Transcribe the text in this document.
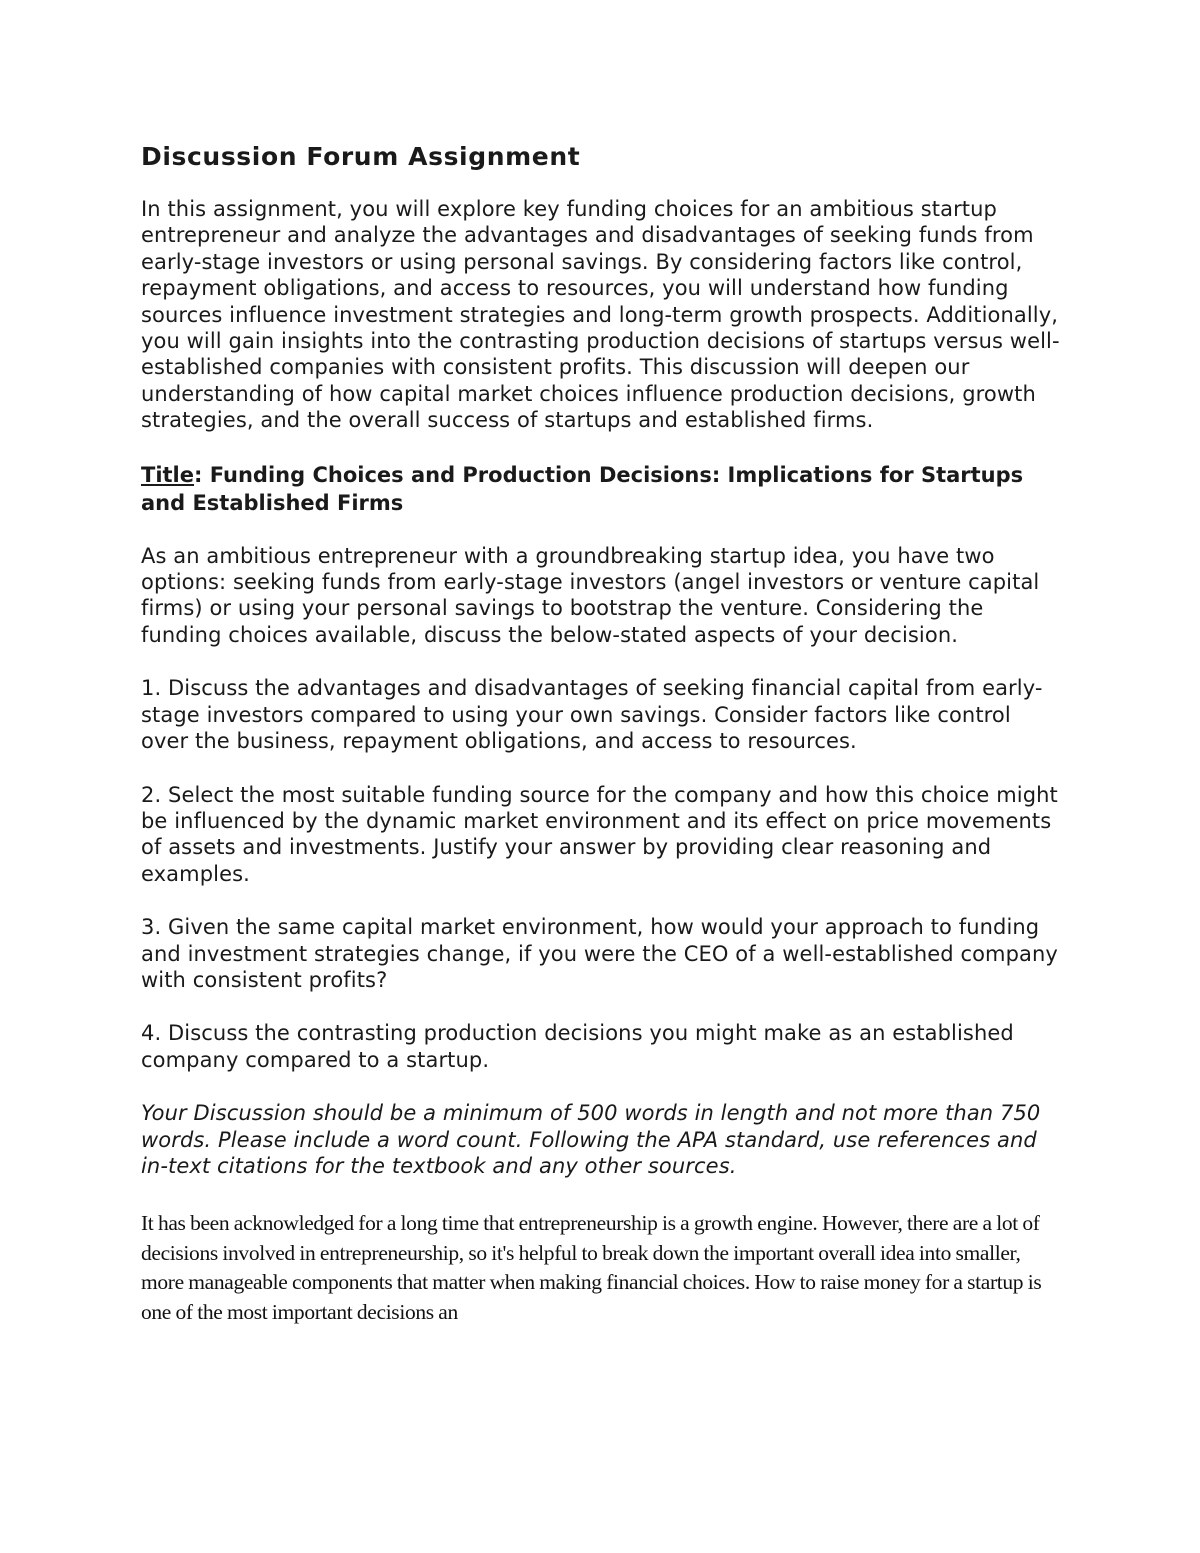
Discussion Forum Assignment

In this assignment, you will explore key funding choices for an ambitious startup entrepreneur and analyze the advantages and disadvantages of seeking funds from early-stage investors or using personal savings. By considering factors like control, repayment obligations, and access to resources, you will understand how funding sources influence investment strategies and long-term growth prospects. Additionally, you will gain insights into the contrasting production decisions of startups versus well-established companies with consistent profits. This discussion will deepen our understanding of how capital market choices influence production decisions, growth strategies, and the overall success of startups and established firms.

Title: Funding Choices and Production Decisions: Implications for Startups and Established Firms

As an ambitious entrepreneur with a groundbreaking startup idea, you have two options: seeking funds from early-stage investors (angel investors or venture capital firms) or using your personal savings to bootstrap the venture. Considering the funding choices available, discuss the below-stated aspects of your decision.

1. Discuss the advantages and disadvantages of seeking financial capital from early-stage investors compared to using your own savings. Consider factors like control over the business, repayment obligations, and access to resources.

2. Select the most suitable funding source for the company and how this choice might be influenced by the dynamic market environment and its effect on price movements of assets and investments. Justify your answer by providing clear reasoning and examples.

3. Given the same capital market environment, how would your approach to funding and investment strategies change, if you were the CEO of a well-established company with consistent profits?

4. Discuss the contrasting production decisions you might make as an established company compared to a startup.

Your Discussion should be a minimum of 500 words in length and not more than 750 words. Please include a word count. Following the APA standard, use references and in-text citations for the textbook and any other sources.

It has been acknowledged for a long time that entrepreneurship is a growth engine. However, there are a lot of decisions involved in entrepreneurship, so it's helpful to break down the important overall idea into smaller, more manageable components that matter when making financial choices. How to raise money for a startup is one of the most important decisions an
